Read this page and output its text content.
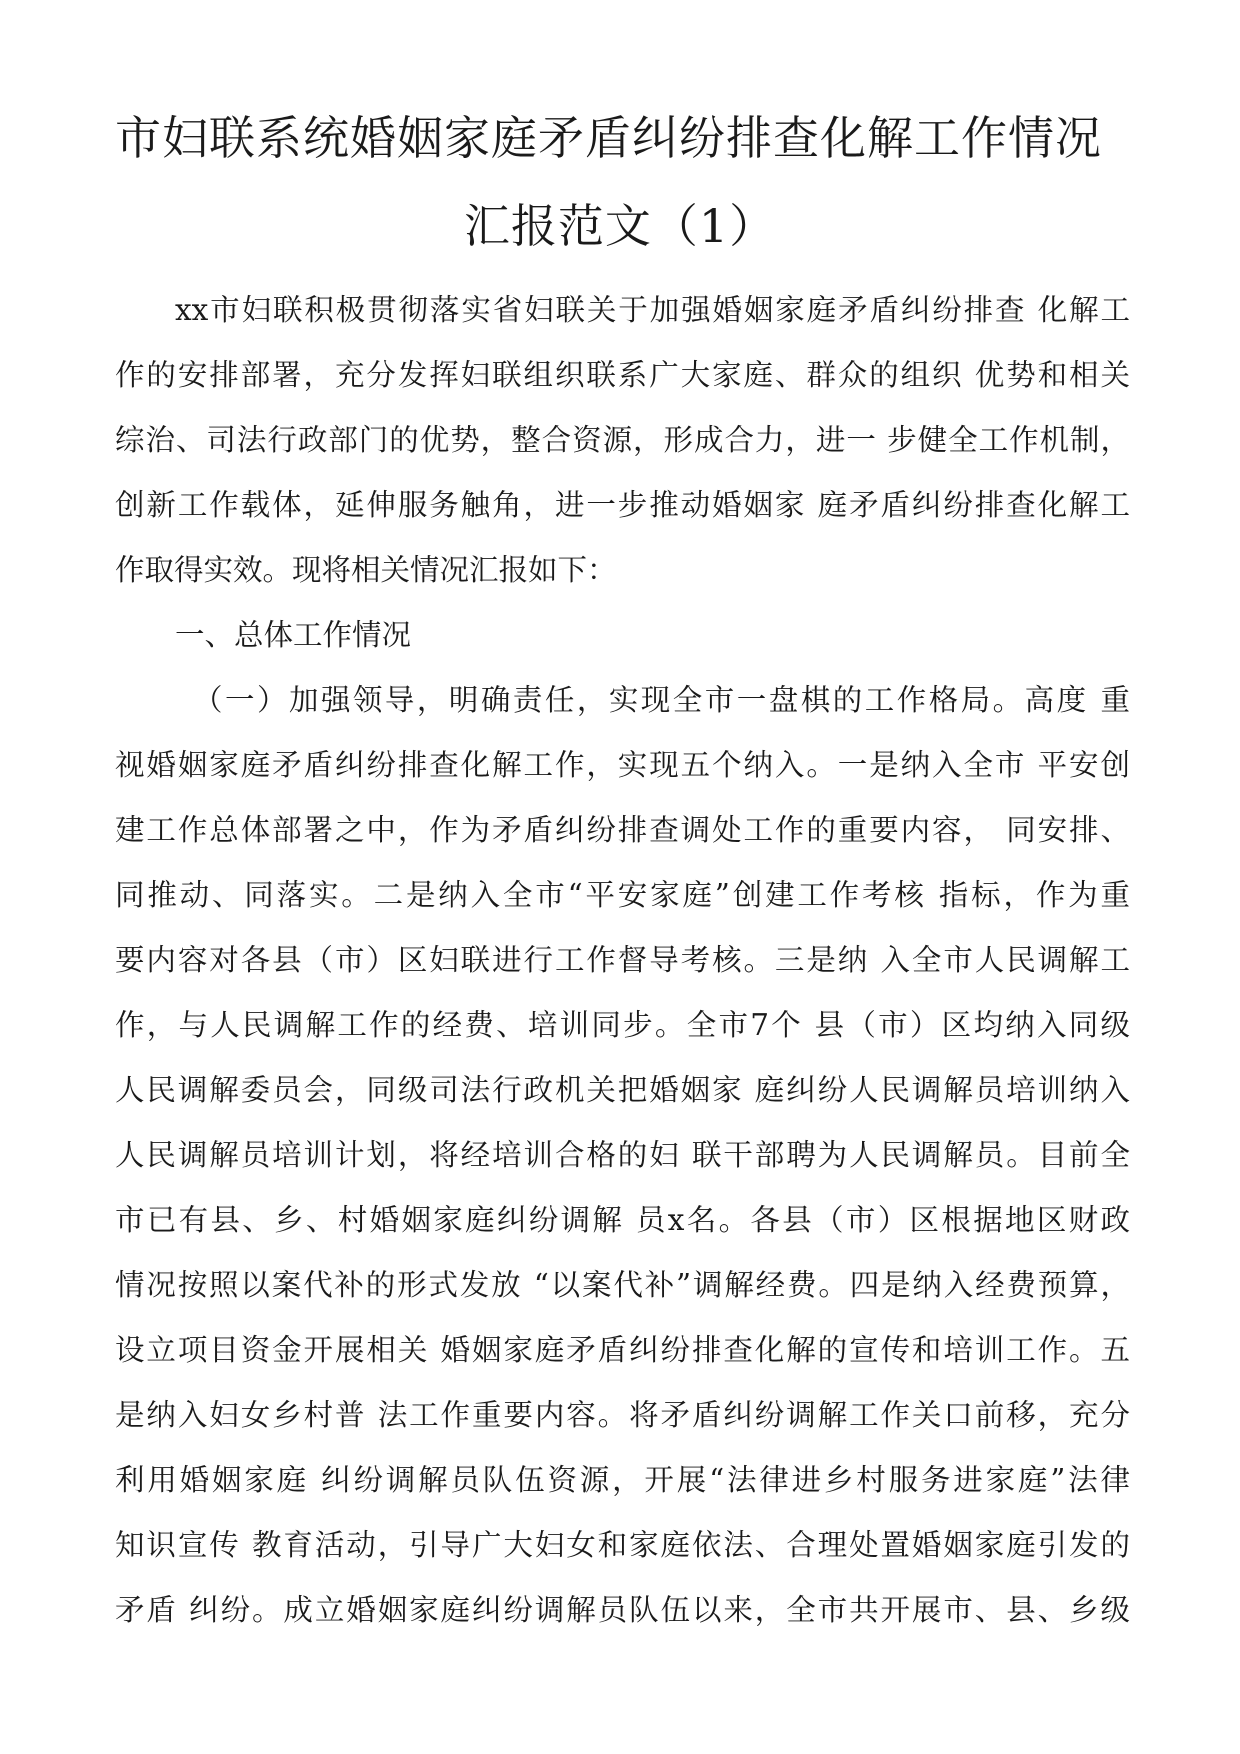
市妇联系统婚姻家庭矛盾纠纷排查化解工作情况
汇报范文（1）
xx市妇联积极贯彻落实省妇联关于加强婚姻家庭矛盾纠纷排查 化解工
作的安排部署，充分发挥妇联组织联系广大家庭、群众的组织 优势和相关
综治、司法行政部门的优势，整合资源，形成合力，进一 步健全工作机制，
创新工作载体，延伸服务触角，进一步推动婚姻家 庭矛盾纠纷排查化解工
作取得实效。现将相关情况汇报如下：
一、总体工作情况
（一）加强领导，明确责任，实现全市一盘棋的工作格局。高度 重
视婚姻家庭矛盾纠纷排查化解工作，实现五个纳入。一是纳入全市 平安创
建工作总体部署之中，作为矛盾纠纷排查调处工作的重要内容， 同安排、
同推动、同落实。二是纳入全市“平安家庭”创建工作考核 指标，作为重
要内容对各县（市）区妇联进行工作督导考核。三是纳 入全市人民调解工
作，与人民调解工作的经费、培训同步。全市7个 县（市）区均纳入同级
人民调解委员会，同级司法行政机关把婚姻家 庭纠纷人民调解员培训纳入
人民调解员培训计划，将经培训合格的妇 联干部聘为人民调解员。目前全
市已有县、乡、村婚姻家庭纠纷调解 员x名。各县（市）区根据地区财政
情况按照以案代补的形式发放 “以案代补”调解经费。四是纳入经费预算，
设立项目资金开展相关 婚姻家庭矛盾纠纷排查化解的宣传和培训工作。五
是纳入妇女乡村普 法工作重要内容。将矛盾纠纷调解工作关口前移，充分
利用婚姻家庭 纠纷调解员队伍资源，开展“法律进乡村服务进家庭”法律
知识宣传 教育活动，引导广大妇女和家庭依法、合理处置婚姻家庭引发的
矛盾 纠纷。成立婚姻家庭纠纷调解员队伍以来，全市共开展市、县、乡级
